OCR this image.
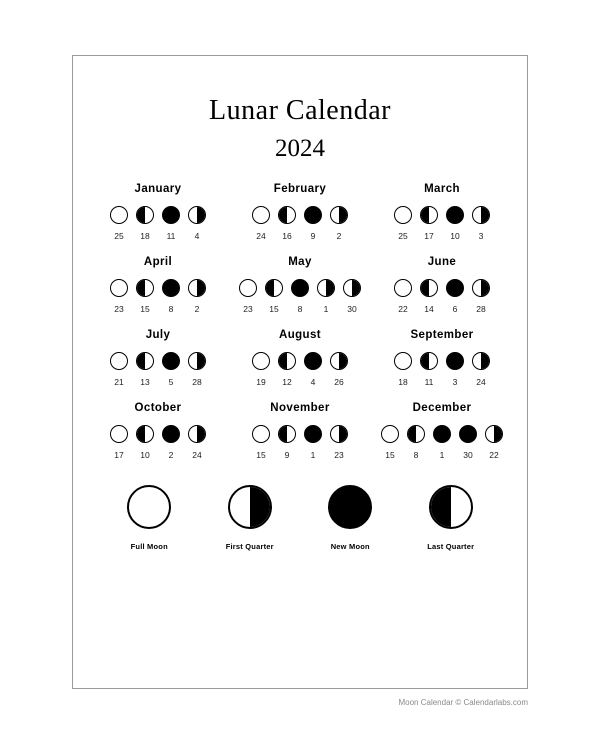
Lunar Calendar
2024
January
25	18	11	4
February
24	16	9	2
March
25	17	10	3
April
23	15	8	2
May
23	15	8	1	30
June
22	14	6	28
July
21	13	5	28
August
19	12	4	26
September
18	11	3	24
October
17	10	2	24
November
15	9	1	23
December
15	8	1	30	22
Full Moon	First Quarter	New Moon	Last Quarter
Moon Calendar © Calendarlabs.com
